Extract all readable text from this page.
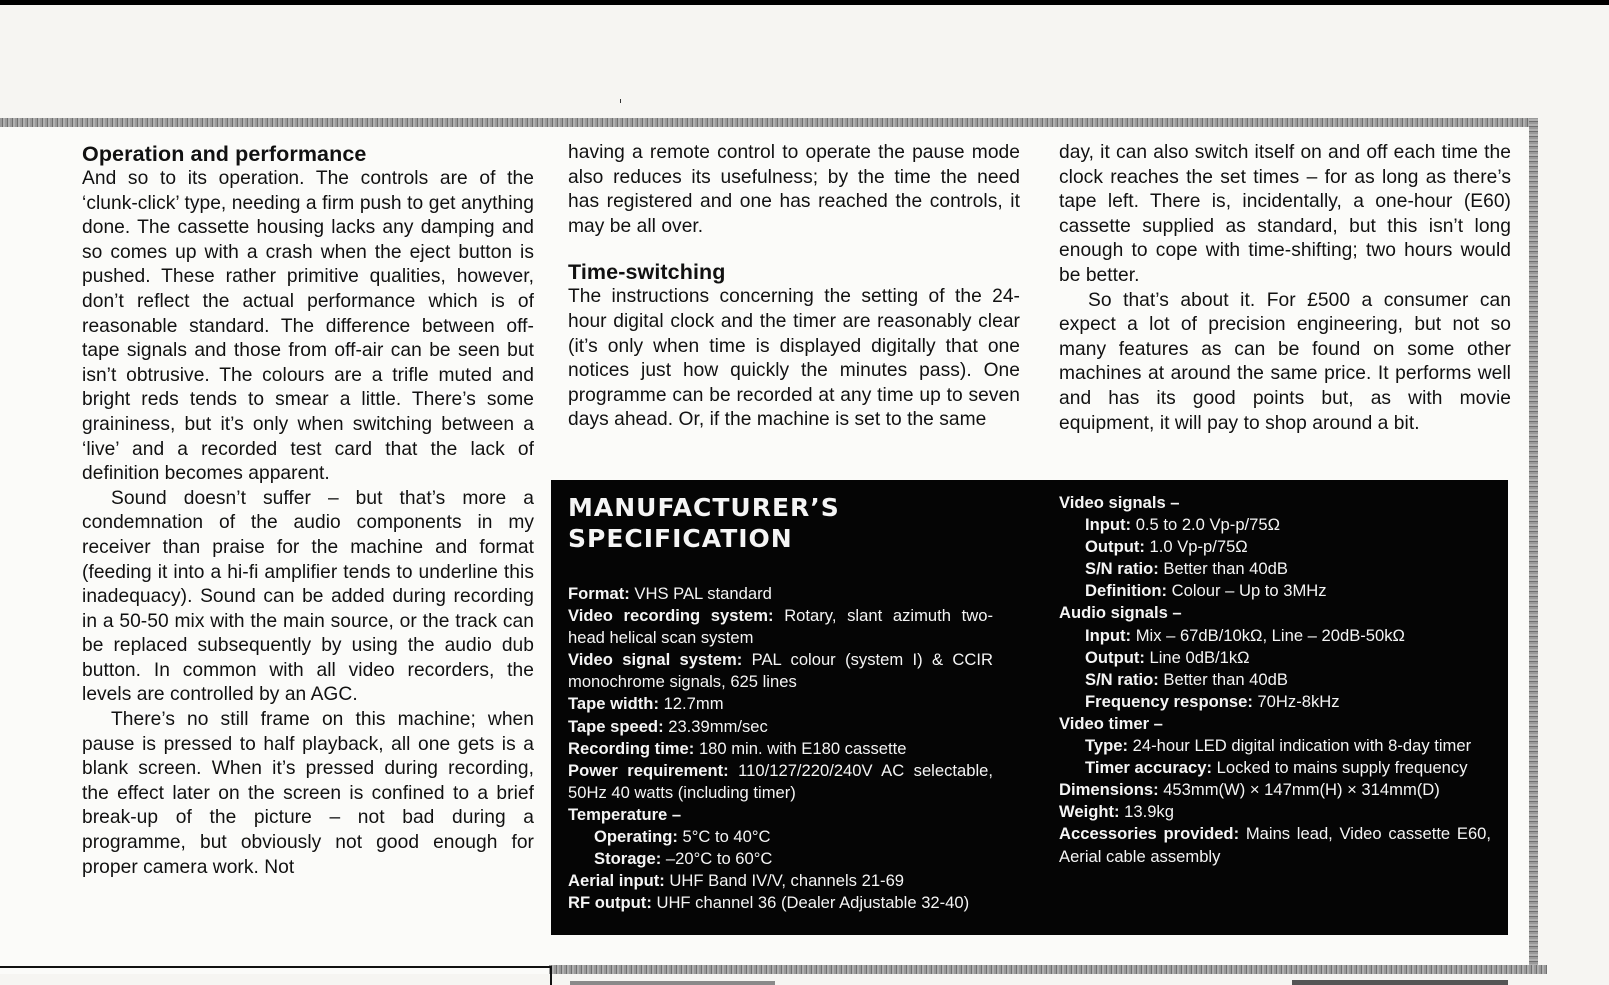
Operation and performance

And so to its operation. The controls are of the ‘clunk-click’ type, needing a firm push to get anything done. The cassette housing lacks any damping and so comes up with a crash when the eject button is pushed. These rather primitive qualities, however, don’t reflect the actual performance which is of reasonable standard. The difference between off-tape signals and those from off-air can be seen but isn’t obtrusive. The colours are a trifle muted and bright reds tends to smear a little. There’s some graininess, but it’s only when switching between a ‘live’ and a recorded test card that the lack of definition becomes apparent.

Sound doesn’t suffer – but that’s more a condemnation of the audio components in my receiver than praise for the machine and format (feeding it into a hi-fi amplifier tends to underline this inadequacy). Sound can be added during recording in a 50-50 mix with the main source, or the track can be replaced subsequently by using the audio dub button. In common with all video recorders, the levels are controlled by an AGC.

There’s no still frame on this machine; when pause is pressed to half playback, all one gets is a blank screen. When it’s pressed during recording, the effect later on the screen is confined to a brief break-up of the picture – not bad during a programme, but obviously not good enough for proper camera work. Not

having a remote control to operate the pause mode also reduces its usefulness; by the time the need has registered and one has reached the controls, it may be all over.

Time-switching

The instructions concerning the setting of the 24-hour digital clock and the timer are reasonably clear (it’s only when time is displayed digitally that one notices just how quickly the minutes pass). One programme can be recorded at any time up to seven days ahead. Or, if the machine is set to the same

day, it can also switch itself on and off each time the clock reaches the set times – for as long as there’s tape left. There is, incidentally, a one-hour (E60) cassette supplied as standard, but this isn’t long enough to cope with time-shifting; two hours would be better.

So that’s about it. For £500 a consumer can expect a lot of precision engineering, but not so many features as can be found on some other machines at around the same price. It performs well and has its good points but, as with movie equipment, it will pay to shop around a bit.

MANUFACTURER’S
SPECIFICATION
Format: VHS PAL standard
Video recording system: Rotary, slant azimuth two-head helical scan system
Video signal system: PAL colour (system I) & CCIR monochrome signals, 625 lines
Tape width: 12.7mm
Tape speed: 23.39mm/sec
Recording time: 180 min. with E180 cassette
Power requirement: 110/127/220/240V AC selectable, 50Hz 40 watts (including timer)
Temperature –
Operating: 5°C to 40°C
Storage: –20°C to 60°C
Aerial input: UHF Band IV/V, channels 21-69
RF output: UHF channel 36 (Dealer Adjustable 32-40)
Video signals –
Input: 0.5 to 2.0 Vp-p/75Ω
Output: 1.0 Vp-p/75Ω
S/N ratio: Better than 40dB
Definition: Colour – Up to 3MHz
Audio signals –
Input: Mix – 67dB/10kΩ, Line – 20dB-50kΩ
Output: Line 0dB/1kΩ
S/N ratio: Better than 40dB
Frequency response: 70Hz-8kHz
Video timer –
Type: 24-hour LED digital indication with 8-day timer
Timer accuracy: Locked to mains supply frequency
Dimensions: 453mm(W) × 147mm(H) × 314mm(D)
Weight: 13.9kg
Accessories provided: Mains lead, Video cassette E60, Aerial cable assembly
